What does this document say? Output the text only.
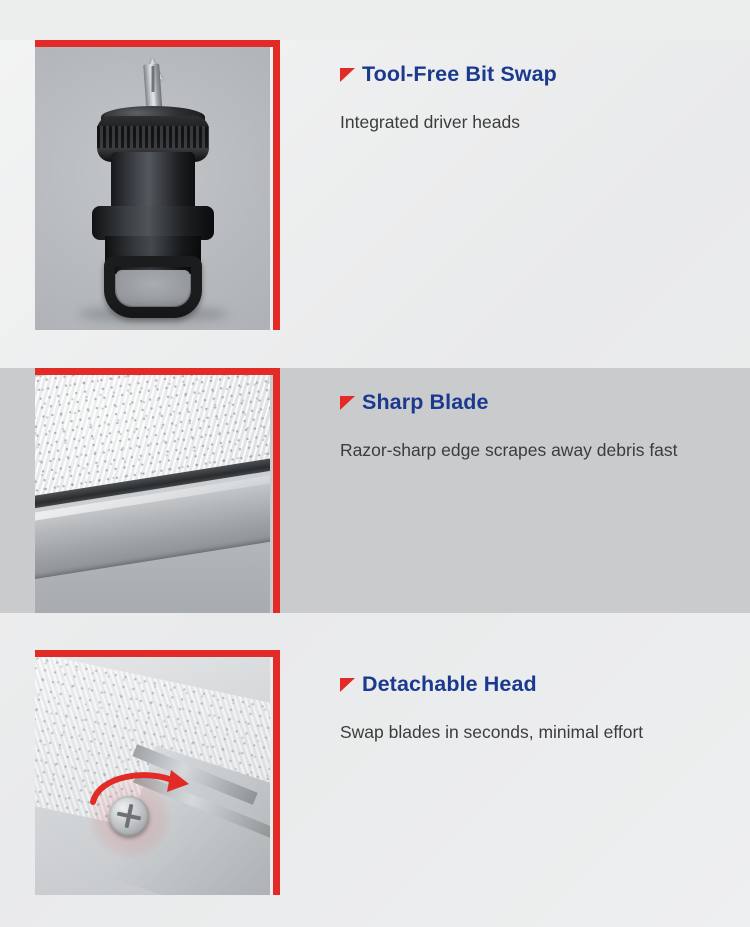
Tool-Free Bit Swap

Integrated driver heads

Sharp Blade

Razor-sharp edge scrapes away debris fast

Detachable Head

Swap blades in seconds, minimal effort
